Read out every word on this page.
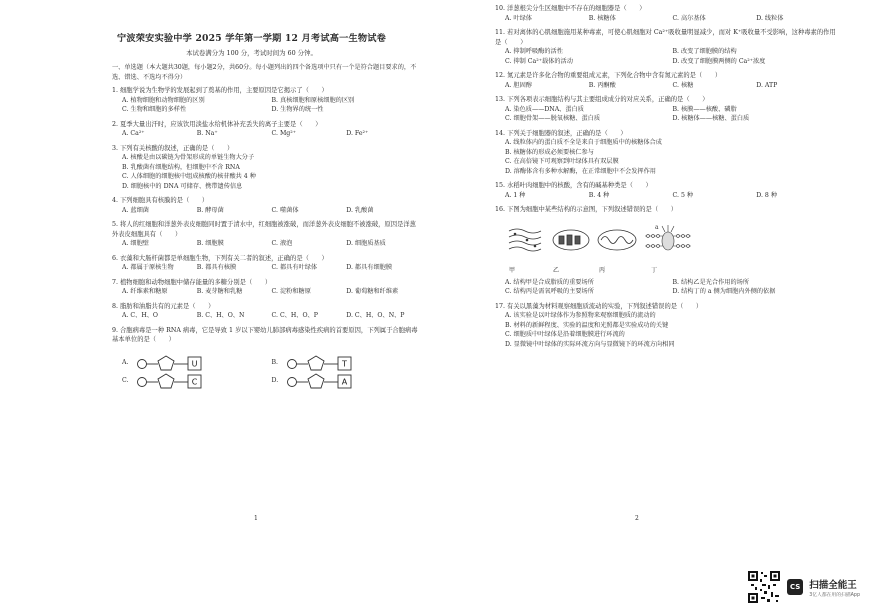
宁波荣安实验中学 2025 学年第一学期 12 月考试高一生物试卷
本试卷满分为 100 分，考试时间为 60 分钟。
一、单选题（本大题共30题，每小题2分，共60分。每小题列出的四个备选项中只有一个是符合题目要求的，不选、错选、不选均不得分）
1. 细胞学说为生物学的发展起到了奠基的作用，主要原因是它揭示了（　　）
A. 植物细胞和动物细胞的区别	B. 真核细胞和原核细胞的区别
C. 生物和细胞的多样性	D. 生物界的统一性
2. 夏季大量出汗时，应该饮用淡盐水给机体补充丢失的离子主要是（　　）
A. Ca²⁺	B. Na⁺	C. Mg²⁺	D. Fe²⁺
3. 下列有关核酸的叙述，正确的是（　　）
A. 核酸是由以碳链为骨架形成的单链生物大分子
B. 乳酸菌有细胞结构，但细胞中不含 RNA
C. 人体细胞的细胞核中组成核酸的核苷酸共 4 种
D. 细胞核中的 DNA 可储存、携带遗传信息
4. 下列细胞具有核膜的是（　　）
A. 蓝细菌	B. 酵母菌	C. 噬菌体	D. 乳酸菌
5. 将人的红细胞和洋葱外表皮细胞同时置于清水中，红细胞被涨破，而洋葱外表皮细胞不被涨破，原因是洋葱外表皮细胞具有（　　）
A. 细胞壁	B. 细胞膜	C. 液泡	D. 细胞质基质
6. 衣藻和大肠杆菌都是单细胞生物，下列有关二者的叙述，正确的是（　　）
A. 都属于原核生物	B. 都具有核膜	C. 都具有叶绿体	D. 都具有细胞膜
7. 植物细胞和动物细胞中储存能量的多糖分别是（　　）
A. 纤维素和糖原	B. 麦芽糖和乳糖	C. 淀粉和糖原	D. 葡萄糖和纤维素
8. 脂肪和油脂共有的元素是（　　）
A. C、H、O	B. C、H、O、N	C. C、H、O、P	D. C、H、O、N、P
9. 合胞病毒是一种 RNA 病毒，它是导致 1 岁以下婴幼儿肺部病毒感染性疾病的首要原因，下列属于合胞病毒基本单位的是（　　）
A.	U	B.	T
C.	C	D.	A
1
10. 洋葱根尖分生区细胞中不存在的细胞器是（　　）
A. 叶绿体	B. 核糖体	C. 高尔基体	D. 线粒体
11. 若对离体的心肌细胞施用某种毒素，可使心肌细胞对 Ca²⁺吸收量明显减少，而对 K⁺吸收量不受影响，这种毒素的作用是（　　）
A. 抑制呼吸酶的活性	B. 改变了细胞膜的结构
C. 抑制 Ca²⁺载体的活动	D. 改变了细胞膜两侧的 Ca²⁺浓度
12. 氮元素是许多化合物的重要组成元素，下列化合物中含有氮元素的是（　　）
A. 胆固醇	B. 丙酮酸	C. 核糖	D. ATP
13. 下列各项表示细胞结构与其主要组成成分的对应关系，正确的是（　　）
A. 染色质——DNA、蛋白质	B. 核膜——核酸、磷脂
C. 细胞骨架——脱氧核糖、蛋白质	D. 核糖体——核糖、蛋白质
14. 下列关于细胞器的叙述，正确的是（　　）
A. 线粒体内的蛋白质不全是来自于细胞质中的核糖体合成
B. 核糖体的形成必须要核仁参与
C. 在高倍镜下可观察到叶绿体具有双层膜
D. 溶酶体含有多种水解酶，在正常细胞中不会发挥作用
15. 水稻叶肉细胞中的核酸，含有的碱基种类是（　　）
A. 1 种	B. 4 种	C. 5 种	D. 8 种
16. 下图为细胞中某些结构的示意图，下列叙述错误的是（　　）
a
甲	乙	丙	丁
A. 结构甲是合成脂质的重要场所	B. 结构乙是光合作用的场所
C. 结构丙是需氧呼吸的主要场所	D. 结构丁的 a 侧为细胞内外侧的依据
17. 有关以黑藻为材料观察细胞质流动的实验，下列叙述错误的是（　　）
A. 该实验是以叶绿体作为参照物来观察细胞质的流动的
B. 材料的新鲜程度、实验的温度和光照都是实验成功的关键
C. 细胞质中叶绿体是沿着细胞膜进行环流的
D. 显微镜中叶绿体的实际环流方向与显微镜下的环流方向相同
2
CS 扫描全能王
3亿人都在用的扫描App
